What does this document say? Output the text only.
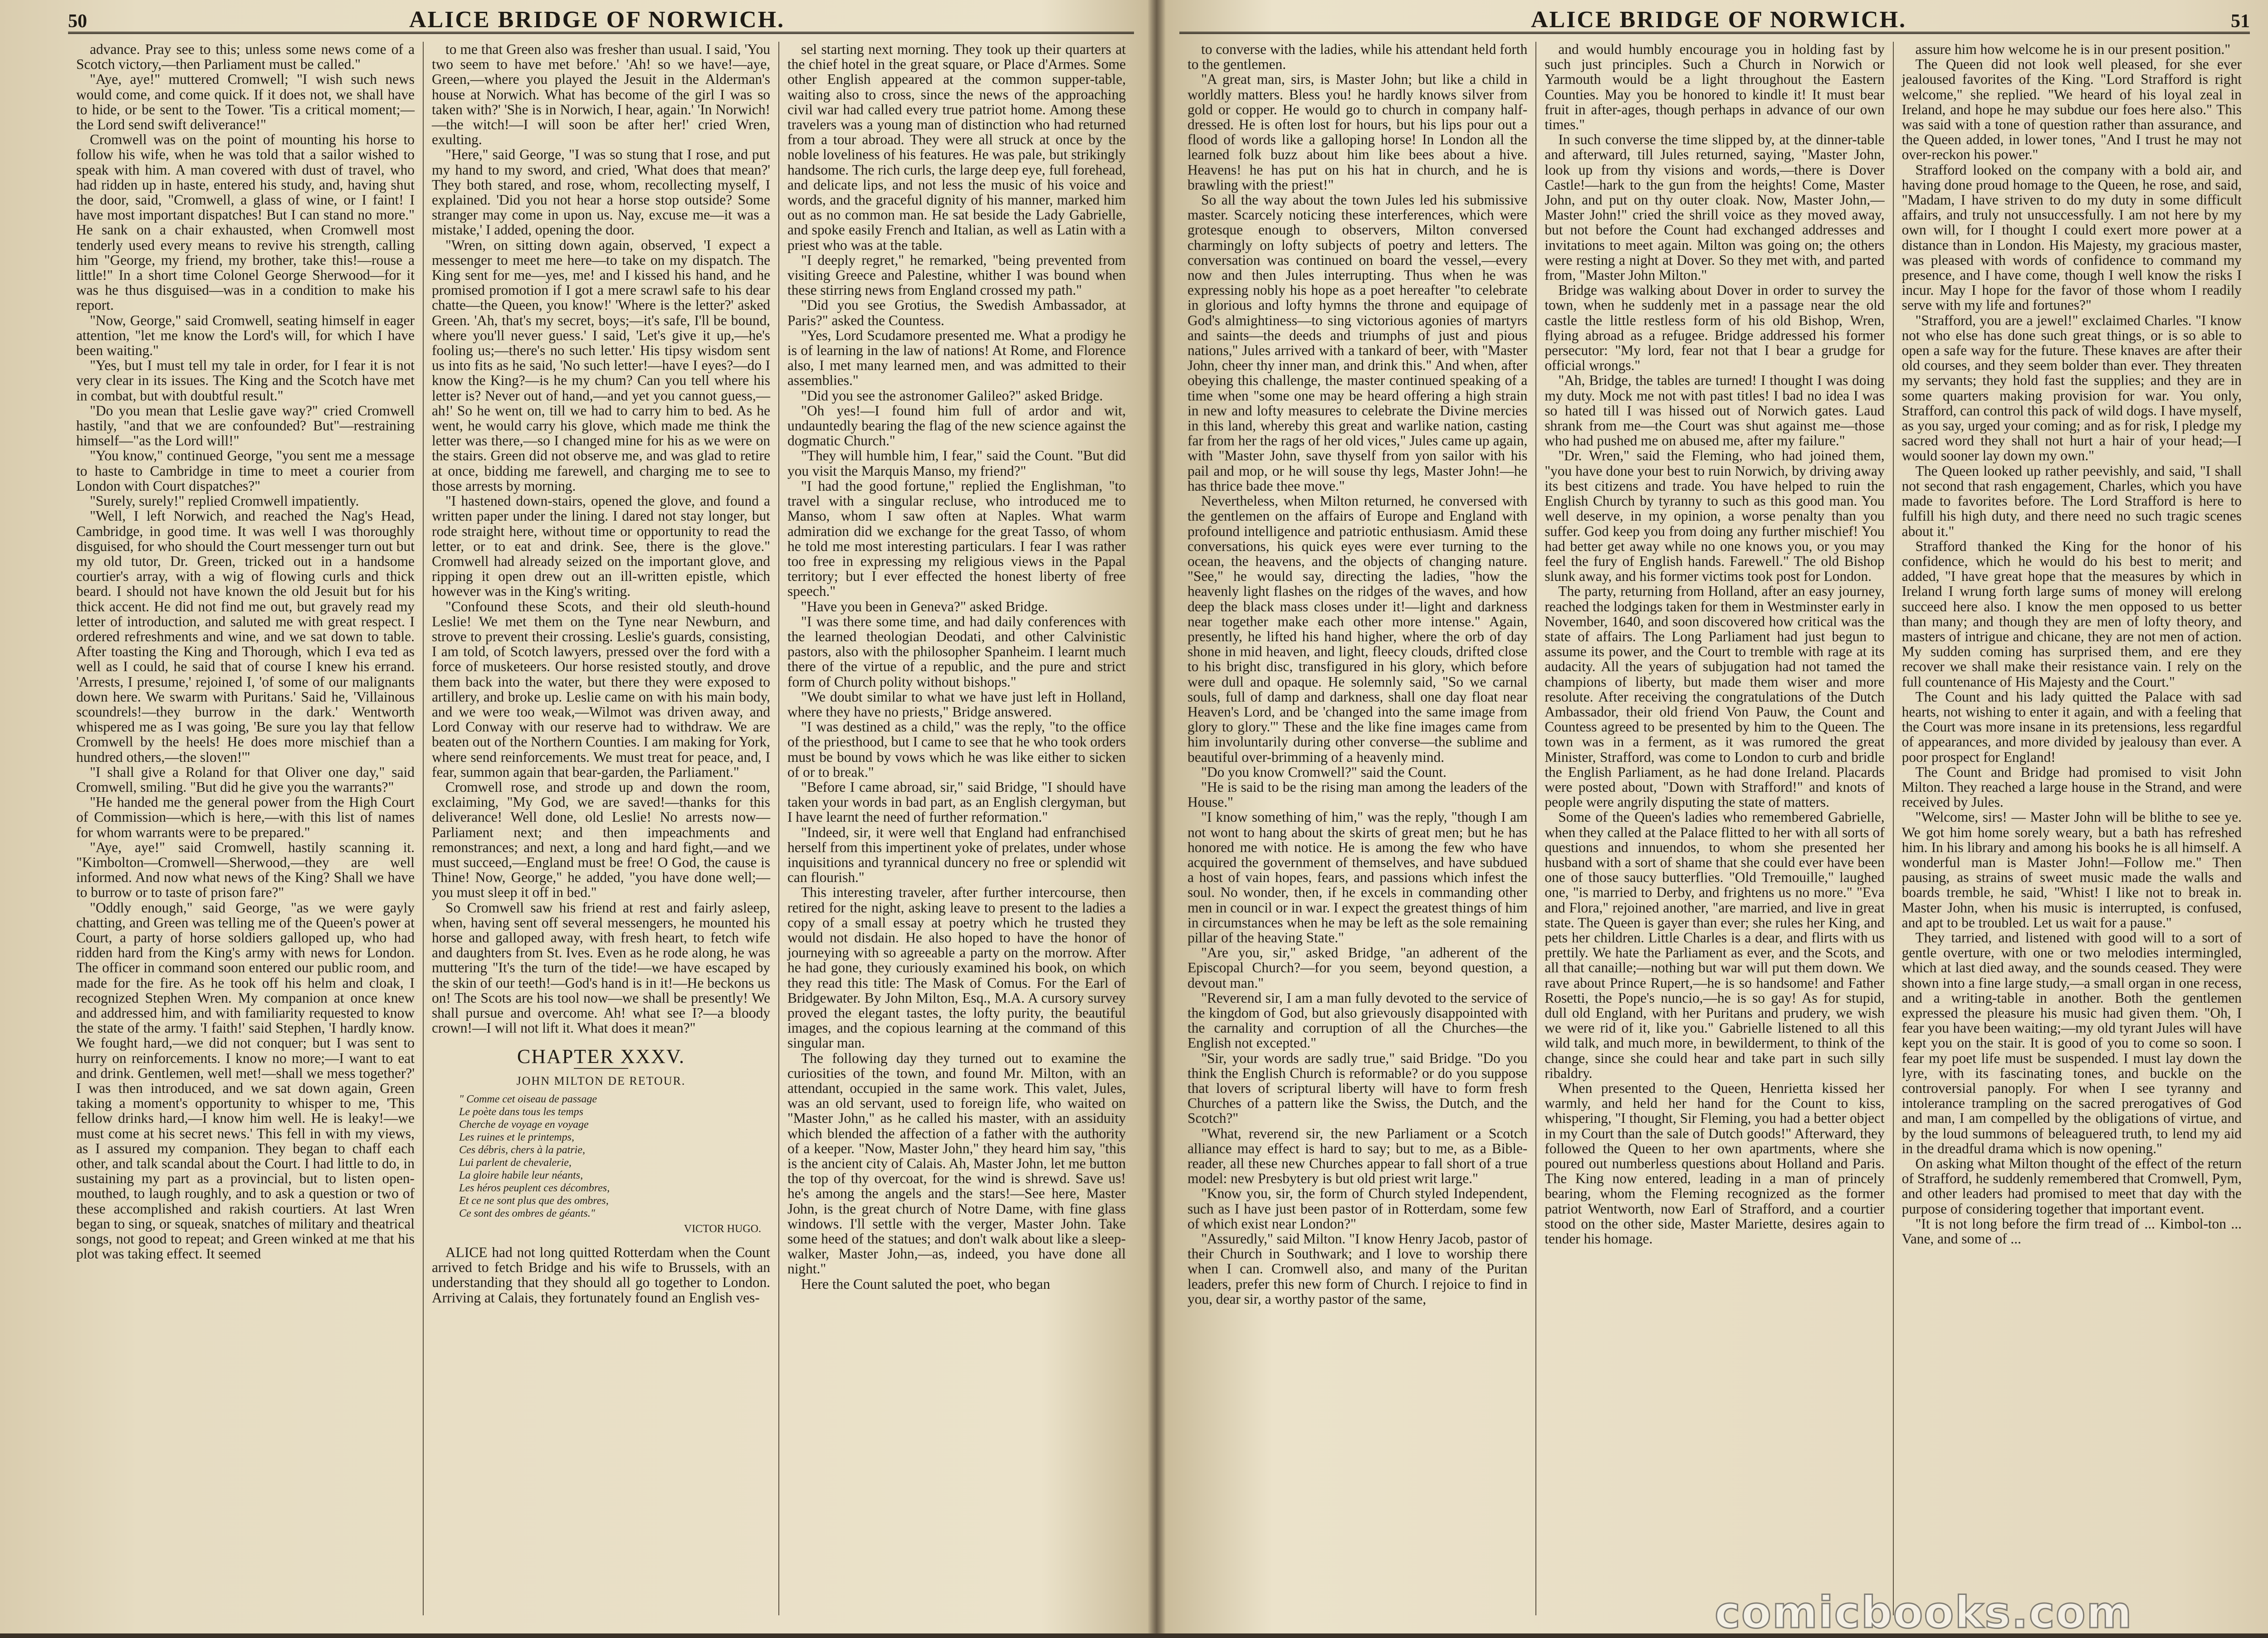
50	ALICE BRIDGE OF NORWICH.

advance. Pray see to this; unless some news come of a Scotch victory,—then Parliament must be called."

"Aye, aye!" muttered Cromwell; "I wish such news would come, and come quick. If it does not, we shall have to hide, or be sent to the Tower. 'Tis a critical moment;—the Lord send swift deliverance!"

Cromwell was on the point of mounting his horse to follow his wife, when he was told that a sailor wished to speak with him. A man covered with dust of travel, who had ridden up in haste, entered his study, and, having shut the door, said, "Cromwell, a glass of wine, or I faint! I have most important dispatches! But I can stand no more." He sank on a chair exhausted, when Cromwell most tenderly used every means to revive his strength, calling him "George, my friend, my brother, take this!—rouse a little!" In a short time Colonel George Sherwood—for it was he thus disguised—was in a condition to make his report.

"Now, George," said Cromwell, seating himself in eager attention, "let me know the Lord's will, for which I have been waiting."

"Yes, but I must tell my tale in order, for I fear it is not very clear in its issues. The King and the Scotch have met in combat, but with doubtful result."

"Do you mean that Leslie gave way?" cried Cromwell hastily, "and that we are confounded? But"—restraining himself—"as the Lord will!"

"You know," continued George, "you sent me a message to haste to Cambridge in time to meet a courier from London with Court dispatches?"

"Surely, surely!" replied Cromwell impatiently.

"Well, I left Norwich, and reached the Nag's Head, Cambridge, in good time. It was well I was thoroughly disguised, for who should the Court messenger turn out but my old tutor, Dr. Green, tricked out in a handsome courtier's array, with a wig of flowing curls and thick beard. I should not have known the old Jesuit but for his thick accent. He did not find me out, but gravely read my letter of introduction, and saluted me with great respect. I ordered refreshments and wine, and we sat down to table. After toasting the King and Thorough, which I eva ted as well as I could, he said that of course I knew his errand. 'Arrests, I presume,' rejoined I, 'of some of our malignants down here. We swarm with Puritans.' Said he, 'Villainous scoundrels!—they burrow in the dark.' Wentworth whispered me as I was going, 'Be sure you lay that fellow Cromwell by the heels! He does more mischief than a hundred others,—the sloven!'"

"I shall give a Roland for that Oliver one day," said Cromwell, smiling. "But did he give you the warrants?"

"He handed me the general power from the High Court of Commission—which is here,—with this list of names for whom warrants were to be prepared."

"Aye, aye!" said Cromwell, hastily scanning it. "Kimbolton—Cromwell—Sherwood,—they are well informed. And now what news of the King? Shall we have to burrow or to taste of prison fare?"

"Oddly enough," said George, "as we were gayly chatting, and Green was telling me of the Queen's power at Court, a party of horse soldiers galloped up, who had ridden hard from the King's army with news for London. The officer in command soon entered our public room, and made for the fire. As he took off his helm and cloak, I recognized Stephen Wren. My companion at once knew and addressed him, and with familiarity requested to know the state of the army. 'I faith!' said Stephen, 'I hardly know. We fought hard,—we did not conquer; but I was sent to hurry on reinforcements. I know no more;—I want to eat and drink. Gentlemen, well met!—shall we mess together?' I was then introduced, and we sat down again, Green taking a moment's opportunity to whisper to me, 'This fellow drinks hard,—I know him well. He is leaky!—we must come at his secret news.' This fell in with my views, as I assured my companion. They began to chaff each other, and talk scandal about the Court. I had little to do, in sustaining my part as a provincial, but to listen open-mouthed, to laugh roughly, and to ask a question or two of these accomplished and rakish courtiers. At last Wren began to sing, or squeak, snatches of military and theatrical songs, not good to repeat; and Green winked at me that his plot was taking effect. It seemed

to me that Green also was fresher than usual. I said, 'You two seem to have met before.' 'Ah! so we have!—aye, Green,—where you played the Jesuit in the Alderman's house at Norwich. What has become of the girl I was so taken with?' 'She is in Norwich, I hear, again.' 'In Norwich!—the witch!—I will soon be after her!' cried Wren, exulting.

"Here," said George, "I was so stung that I rose, and put my hand to my sword, and cried, 'What does that mean?' They both stared, and rose, whom, recollecting myself, I explained. 'Did you not hear a horse stop outside? Some stranger may come in upon us. Nay, excuse me—it was a mistake,' I added, opening the door.

"Wren, on sitting down again, observed, 'I expect a messenger to meet me here—to take on my dispatch. The King sent for me—yes, me! and I kissed his hand, and he promised promotion if I got a mere scrawl safe to his dear chatte—the Queen, you know!' 'Where is the letter?' asked Green. 'Ah, that's my secret, boys;—it's safe, I'll be bound, where you'll never guess.' I said, 'Let's give it up,—he's fooling us;—there's no such letter.' His tipsy wisdom sent us into fits as he said, 'No such letter!—have I eyes?—do I know the King?—is he my chum? Can you tell where his letter is? Never out of hand,—and yet you cannot guess,—ah!' So he went on, till we had to carry him to bed. As he went, he would carry his glove, which made me think the letter was there,—so I changed mine for his as we were on the stairs. Green did not observe me, and was glad to retire at once, bidding me farewell, and charging me to see to those arrests by morning.

"I hastened down-stairs, opened the glove, and found a written paper under the lining. I dared not stay longer, but rode straight here, without time or opportunity to read the letter, or to eat and drink. See, there is the glove." Cromwell had already seized on the important glove, and ripping it open drew out an ill-written epistle, which however was in the King's writing.

"Confound these Scots, and their old sleuth-hound Leslie! We met them on the Tyne near Newburn, and strove to prevent their crossing. Leslie's guards, consisting, I am told, of Scotch lawyers, pressed over the ford with a force of musketeers. Our horse resisted stoutly, and drove them back into the water, but there they were exposed to artillery, and broke up. Leslie came on with his main body, and we were too weak,—Wilmot was driven away, and Lord Conway with our reserve had to withdraw. We are beaten out of the Northern Counties. I am making for York, where send reinforcements. We must treat for peace, and, I fear, summon again that bear-garden, the Parliament."

Cromwell rose, and strode up and down the room, exclaiming, "My God, we are saved!—thanks for this deliverance! Well done, old Leslie! No arrests now—Parliament next; and then impeachments and remonstrances; and next, a long and hard fight,—and we must succeed,—England must be free! O God, the cause is Thine! Now, George," he added, "you have done well;—you must sleep it off in bed."

So Cromwell saw his friend at rest and fairly asleep, when, having sent off several messengers, he mounted his horse and galloped away, with fresh heart, to fetch wife and daughters from St. Ives. Even as he rode along, he was muttering "It's the turn of the tide!—we have escaped by the skin of our teeth!—God's hand is in it!—He beckons us on! The Scots are his tool now—we shall be presently! We shall pursue and overcome. Ah! what see I?—a bloody crown!—I will not lift it. What does it mean?"

CHAPTER XXXV.
JOHN MILTON DE RETOUR.
" Comme cet oiseau de passage
Le poète dans tous les temps
Cherche de voyage en voyage
Les ruines et le printemps,
Ces débris, chers à la patrie,
Lui parlent de chevalerie,
La gloire habile leur néants,
Les héros peuplent ces décombres,
Et ce ne sont plus que des ombres,
Ce sont des ombres de géants."
VICTOR HUGO.

ALICE had not long quitted Rotterdam when the Count arrived to fetch Bridge and his wife to Brussels, with an understanding that they should all go together to London. Arriving at Calais, they fortunately found an English ves-

sel starting next morning. They took up their quarters at the chief hotel in the great square, or Place d'Armes. Some other English appeared at the common supper-table, waiting also to cross, since the news of the approaching civil war had called every true patriot home. Among these travelers was a young man of distinction who had returned from a tour abroad. They were all struck at once by the noble loveliness of his features. He was pale, but strikingly handsome. The rich curls, the large deep eye, full forehead, and delicate lips, and not less the music of his voice and words, and the graceful dignity of his manner, marked him out as no common man. He sat beside the Lady Gabrielle, and spoke easily French and Italian, as well as Latin with a priest who was at the table.

"I deeply regret," he remarked, "being prevented from visiting Greece and Palestine, whither I was bound when these stirring news from England crossed my path."

"Did you see Grotius, the Swedish Ambassador, at Paris?" asked the Countess.

"Yes, Lord Scudamore presented me. What a prodigy he is of learning in the law of nations! At Rome, and Florence also, I met many learned men, and was admitted to their assemblies."

"Did you see the astronomer Galileo?" asked Bridge.

"Oh yes!—I found him full of ardor and wit, undauntedly bearing the flag of the new science against the dogmatic Church."

"They will humble him, I fear," said the Count. "But did you visit the Marquis Manso, my friend?"

"I had the good fortune," replied the Englishman, "to travel with a singular recluse, who introduced me to Manso, whom I saw often at Naples. What warm admiration did we exchange for the great Tasso, of whom he told me most interesting particulars. I fear I was rather too free in expressing my religious views in the Papal territory; but I ever effected the honest liberty of free speech."

"Have you been in Geneva?" asked Bridge.

"I was there some time, and had daily conferences with the learned theologian Deodati, and other Calvinistic pastors, also with the philosopher Spanheim. I learnt much there of the virtue of a republic, and the pure and strict form of Church polity without bishops."

"We doubt similar to what we have just left in Holland, where they have no priests," Bridge answered.

"I was destined as a child," was the reply, "to the office of the priesthood, but I came to see that he who took orders must be bound by vows which he was like either to sicken of or to break."

"Before I came abroad, sir," said Bridge, "I should have taken your words in bad part, as an English clergyman, but I have learnt the need of further reformation."

"Indeed, sir, it were well that England had enfranchised herself from this impertinent yoke of prelates, under whose inquisitions and tyrannical duncery no free or splendid wit can flourish."

This interesting traveler, after further intercourse, then retired for the night, asking leave to present to the ladies a copy of a small essay at poetry which he trusted they would not disdain. He also hoped to have the honor of journeying with so agreeable a party on the morrow. After he had gone, they curiously examined his book, on which they read this title: The Mask of Comus. For the Earl of Bridgewater. By John Milton, Esq., M.A. A cursory survey proved the elegant tastes, the lofty purity, the beautiful images, and the copious learning at the command of this singular man.

The following day they turned out to examine the curiosities of the town, and found Mr. Milton, with an attendant, occupied in the same work. This valet, Jules, was an old servant, used to foreign life, who waited on "Master John," as he called his master, with an assiduity which blended the affection of a father with the authority of a keeper. "Now, Master John," they heard him say, "this is the ancient city of Calais. Ah, Master John, let me button the top of thy overcoat, for the wind is shrewd. Save us! he's among the angels and the stars!—See here, Master John, is the great church of Notre Dame, with fine glass windows. I'll settle with the verger, Master John. Take some heed of the statues; and don't walk about like a sleep-walker, Master John,—as, indeed, you have done all night."

Here the Count saluted the poet, who began

ALICE BRIDGE OF NORWICH.	51

to converse with the ladies, while his attendant held forth to the gentlemen.

"A great man, sirs, is Master John; but like a child in worldly matters. Bless you! he hardly knows silver from gold or copper. He would go to church in company half-dressed. He is often lost for hours, but his lips pour out a flood of words like a galloping horse! In London all the learned folk buzz about him like bees about a hive. Heavens! he has put on his hat in church, and he is brawling with the priest!"

So all the way about the town Jules led his submissive master. Scarcely noticing these interferences, which were grotesque enough to observers, Milton conversed charmingly on lofty subjects of poetry and letters. The conversation was continued on board the vessel,—every now and then Jules interrupting. Thus when he was expressing nobly his hope as a poet hereafter "to celebrate in glorious and lofty hymns the throne and equipage of God's almightiness—to sing victorious agonies of martyrs and saints—the deeds and triumphs of just and pious nations," Jules arrived with a tankard of beer, with "Master John, cheer thy inner man, and drink this." And when, after obeying this challenge, the master continued speaking of a time when "some one may be heard offering a high strain in new and lofty measures to celebrate the Divine mercies in this land, whereby this great and warlike nation, casting far from her the rags of her old vices," Jules came up again, with "Master John, save thyself from yon sailor with his pail and mop, or he will souse thy legs, Master John!—he has thrice bade thee move."

Nevertheless, when Milton returned, he conversed with the gentlemen on the affairs of Europe and England with profound intelligence and patriotic enthusiasm. Amid these conversations, his quick eyes were ever turning to the ocean, the heavens, and the objects of changing nature. "See," he would say, directing the ladies, "how the heavenly light flashes on the ridges of the waves, and how deep the black mass closes under it!—light and darkness near together make each other more intense." Again, presently, he lifted his hand higher, where the orb of day shone in mid heaven, and light, fleecy clouds, drifted close to his bright disc, transfigured in his glory, which before were dull and opaque. He solemnly said, "So we carnal souls, full of damp and darkness, shall one day float near Heaven's Lord, and be 'changed into the same image from glory to glory.'" These and the like fine images came from him involuntarily during other converse—the sublime and beautiful over-brimming of a heavenly mind.

"Do you know Cromwell?" said the Count.

"He is said to be the rising man among the leaders of the House."

"I know something of him," was the reply, "though I am not wont to hang about the skirts of great men; but he has honored me with notice. He is among the few who have acquired the government of themselves, and have subdued a host of vain hopes, fears, and passions which infest the soul. No wonder, then, if he excels in commanding other men in council or in war. I expect the greatest things of him in circumstances when he may be left as the sole remaining pillar of the heaving State."

"Are you, sir," asked Bridge, "an adherent of the Episcopal Church?—for you seem, beyond question, a devout man."

"Reverend sir, I am a man fully devoted to the service of the kingdom of God, but also grievously disappointed with the carnality and corruption of all the Churches—the English not excepted."

"Sir, your words are sadly true," said Bridge. "Do you think the English Church is reformable? or do you suppose that lovers of scriptural liberty will have to form fresh Churches of a pattern like the Swiss, the Dutch, and the Scotch?"

"What, reverend sir, the new Parliament or a Scotch alliance may effect is hard to say; but to me, as a Bible-reader, all these new Churches appear to fall short of a true model: new Presbytery is but old priest writ large."

"Know you, sir, the form of Church styled Independent, such as I have just been pastor of in Rotterdam, some few of which exist near London?"

"Assuredly," said Milton. "I know Henry Jacob, pastor of their Church in Southwark; and I love to worship there when I can. Cromwell also, and many of the Puritan leaders, prefer this new form of Church. I rejoice to find in you, dear sir, a worthy pastor of the same,

and would humbly encourage you in holding fast by such just principles. Such a Church in Norwich or Yarmouth would be a light throughout the Eastern Counties. May you be honored to kindle it! It must bear fruit in after-ages, though perhaps in advance of our own times."

In such converse the time slipped by, at the dinner-table and afterward, till Jules returned, saying, "Master John, look up from thy visions and words,—there is Dover Castle!—hark to the gun from the heights! Come, Master John, and put on thy outer cloak. Now, Master John,—Master John!" cried the shrill voice as they moved away, but not before the Count had exchanged addresses and invitations to meet again. Milton was going on; the others were resting a night at Dover. So they met with, and parted from, "Master John Milton."

Bridge was walking about Dover in order to survey the town, when he suddenly met in a passage near the old castle the little restless form of his old Bishop, Wren, flying abroad as a refugee. Bridge addressed his former persecutor: "My lord, fear not that I bear a grudge for official wrongs."

"Ah, Bridge, the tables are turned! I thought I was doing my duty. Mock me not with past titles! I bad no idea I was so hated till I was hissed out of Norwich gates. Laud shrank from me—the Court was shut against me—those who had pushed me on abused me, after my failure."

"Dr. Wren," said the Fleming, who had joined them, "you have done your best to ruin Norwich, by driving away its best citizens and trade. You have helped to ruin the English Church by tyranny to such as this good man. You well deserve, in my opinion, a worse penalty than you suffer. God keep you from doing any further mischief! You had better get away while no one knows you, or you may feel the fury of English hands. Farewell." The old Bishop slunk away, and his former victims took post for London.

The party, returning from Holland, after an easy journey, reached the lodgings taken for them in Westminster early in November, 1640, and soon discovered how critical was the state of affairs. The Long Parliament had just begun to assume its power, and the Court to tremble with rage at its audacity. All the years of subjugation had not tamed the champions of liberty, but made them wiser and more resolute. After receiving the congratulations of the Dutch Ambassador, their old friend Von Pauw, the Count and Countess agreed to be presented by him to the Queen. The town was in a ferment, as it was rumored the great Minister, Strafford, was come to London to curb and bridle the English Parliament, as he had done Ireland. Placards were posted about, "Down with Strafford!" and knots of people were angrily disputing the state of matters.

Some of the Queen's ladies who remembered Gabrielle, when they called at the Palace flitted to her with all sorts of questions and innuendos, to whom she presented her husband with a sort of shame that she could ever have been one of those saucy butterflies. "Old Tremouille," laughed one, "is married to Derby, and frightens us no more." "Eva and Flora," rejoined another, "are married, and live in great state. The Queen is gayer than ever; she rules her King, and pets her children. Little Charles is a dear, and flirts with us prettily. We hate the Parliament as ever, and the Scots, and all that canaille;—nothing but war will put them down. We rave about Prince Rupert,—he is so handsome! and Father Rosetti, the Pope's nuncio,—he is so gay! As for stupid, dull old England, with her Puritans and prudery, we wish we were rid of it, like you." Gabrielle listened to all this wild talk, and much more, in bewilderment, to think of the change, since she could hear and take part in such silly ribaldry.

When presented to the Queen, Henrietta kissed her warmly, and held her hand for the Count to kiss, whispering, "I thought, Sir Fleming, you had a better object in my Court than the sale of Dutch goods!" Afterward, they followed the Queen to her own apartments, where she poured out numberless questions about Holland and Paris. The King now entered, leading in a man of princely bearing, whom the Fleming recognized as the former patriot Wentworth, now Earl of Strafford, and a courtier stood on the other side, Master Mariette, desires again to tender his homage.

assure him how welcome he is in our present position."

The Queen did not look well pleased, for she ever jealoused favorites of the King. "Lord Strafford is right welcome," she replied. "We heard of his loyal zeal in Ireland, and hope he may subdue our foes here also." This was said with a tone of question rather than assurance, and the Queen added, in lower tones, "And I trust he may not over-reckon his power."

Strafford looked on the company with a bold air, and having done proud homage to the Queen, he rose, and said, "Madam, I have striven to do my duty in some difficult affairs, and truly not unsuccessfully. I am not here by my own will, for I thought I could exert more power at a distance than in London. His Majesty, my gracious master, was pleased with words of confidence to command my presence, and I have come, though I well know the risks I incur. May I hope for the favor of those whom I readily serve with my life and fortunes?"

"Strafford, you are a jewel!" exclaimed Charles. "I know not who else has done such great things, or is so able to open a safe way for the future. These knaves are after their old courses, and they seem bolder than ever. They threaten my servants; they hold fast the supplies; and they are in some quarters making provision for war. You only, Strafford, can control this pack of wild dogs. I have myself, as you say, urged your coming; and as for risk, I pledge my sacred word they shall not hurt a hair of your head;—I would sooner lay down my own."

The Queen looked up rather peevishly, and said, "I shall not second that rash engagement, Charles, which you have made to favorites before. The Lord Strafford is here to fulfill his high duty, and there need no such tragic scenes about it."

Strafford thanked the King for the honor of his confidence, which he would do his best to merit; and added, "I have great hope that the measures by which in Ireland I wrung forth large sums of money will erelong succeed here also. I know the men opposed to us better than many; and though they are men of lofty theory, and masters of intrigue and chicane, they are not men of action. My sudden coming has surprised them, and ere they recover we shall make their resistance vain. I rely on the full countenance of His Majesty and the Court."

The Count and his lady quitted the Palace with sad hearts, not wishing to enter it again, and with a feeling that the Court was more insane in its pretensions, less regardful of appearances, and more divided by jealousy than ever. A poor prospect for England!

The Count and Bridge had promised to visit John Milton. They reached a large house in the Strand, and were received by Jules.

"Welcome, sirs! — Master John will be blithe to see ye. We got him home sorely weary, but a bath has refreshed him. In his library and among his books he is all himself. A wonderful man is Master John!—Follow me." Then pausing, as strains of sweet music made the walls and boards tremble, he said, "Whist! I like not to break in. Master John, when his music is interrupted, is confused, and apt to be troubled. Let us wait for a pause."

They tarried, and listened with good will to a sort of gentle overture, with one or two melodies intermingled, which at last died away, and the sounds ceased. They were shown into a fine large study,—a small organ in one recess, and a writing-table in another. Both the gentlemen expressed the pleasure his music had given them. "Oh, I fear you have been waiting;—my old tyrant Jules will have kept you on the stair. It is good of you to come so soon. I fear my poet life must be suspended. I must lay down the lyre, with its fascinating tones, and buckle on the controversial panoply. For when I see tyranny and intolerance trampling on the sacred prerogatives of God and man, I am compelled by the obligations of virtue, and by the loud summons of beleaguered truth, to lend my aid in the dreadful drama which is now opening."

On asking what Milton thought of the effect of the return of Strafford, he suddenly remembered that Cromwell, Pym, and other leaders had promised to meet that day with the purpose of considering together that important event.

"It is not long before the firm tread of ... Kimbol-ton ... Vane, and some of ...

comicbooks.com
